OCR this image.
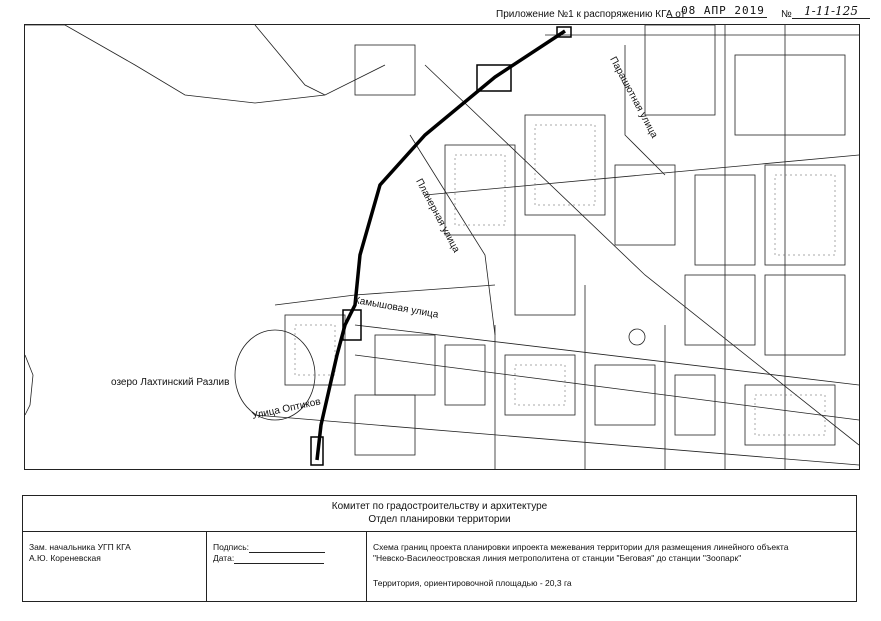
Приложение №1 к распоряжению КГА от
08 АПР 2019 №	1-11-125
озеро Лахтинский Разлив
Камышовая улица
Улица Оптиков
Планерная улица
Парашютная улица
Комитет по градостроительству и архитектуре
Отдел планировки территории
Зам. начальника УГП КГА
А.Ю. Кореневская
Подпись:
Дата:
Схема границ проекта планировки ипроекта межевания территории для размещения линейного объекта
"Невско-Василеостровская линия метрополитена от станции "Беговая" до станции "Зоопарк"
Территория, ориентировочной площадью - 20,3 га
